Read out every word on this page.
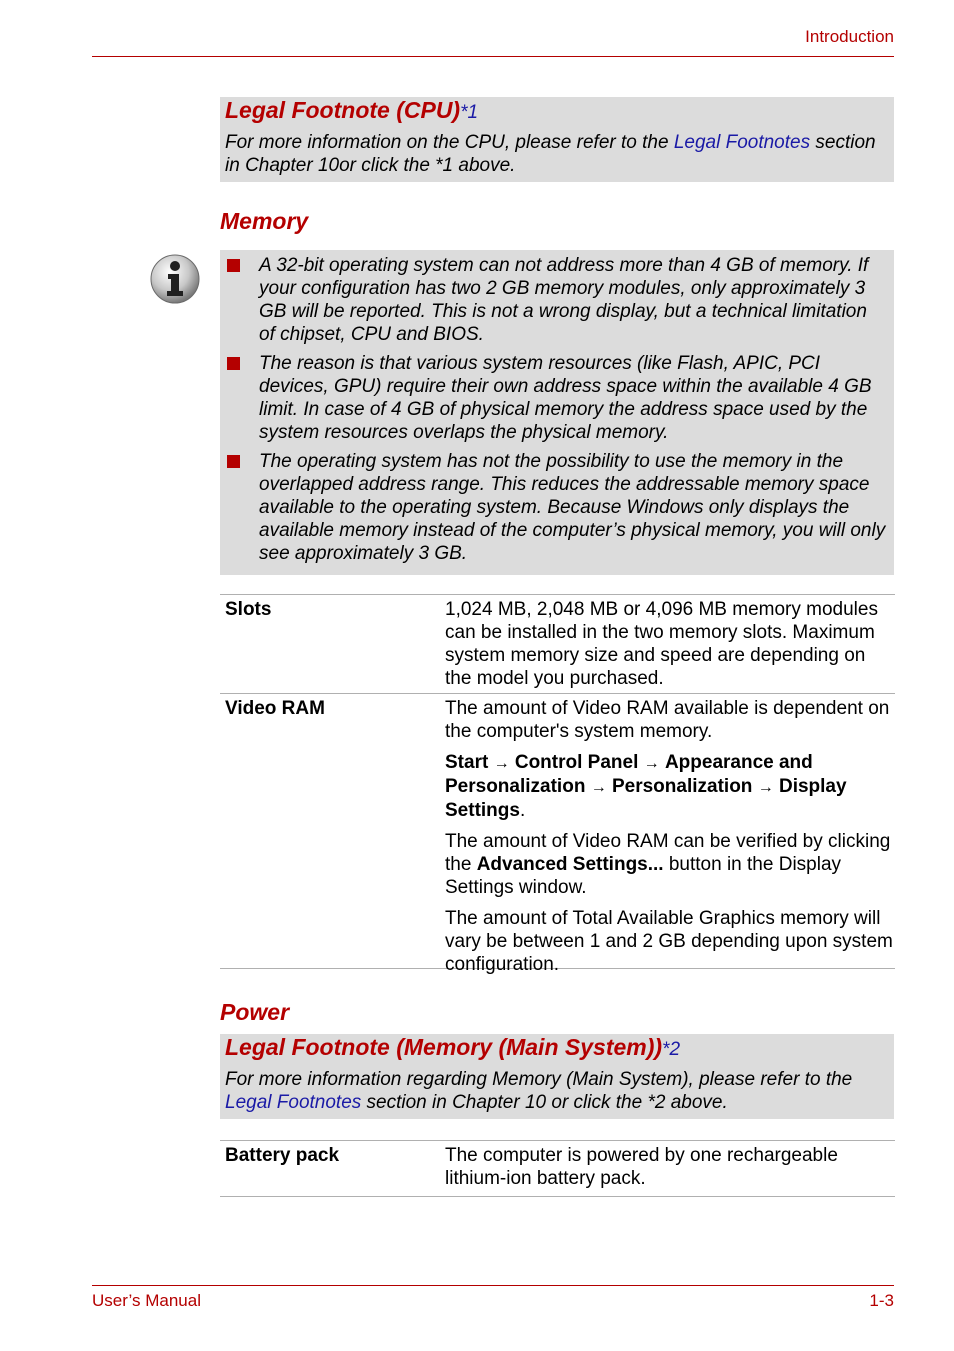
Introduction
Legal Footnote (CPU)*1
For more information on the CPU, please refer to the Legal Footnotes section in Chapter 10or click the *1 above.
Memory
A 32-bit operating system can not address more than 4 GB of memory. If your configuration has two 2 GB memory modules, only approximately 3 GB will be reported. This is not a wrong display, but a technical limitation of chipset, CPU and BIOS.
The reason is that various system resources (like Flash, APIC, PCI devices, GPU) require their own address space within the available 4 GB limit. In case of 4 GB of physical memory the address space used by the system resources overlaps the physical memory.
The operating system has not the possibility to use the memory in the overlapped address range. This reduces the addressable memory space available to the operating system. Because Windows only displays the available memory instead of the computer’s physical memory, you will only see approximately 3 GB.
Slots	1,024 MB, 2,048 MB or 4,096 MB memory modules can be installed in the two memory slots. Maximum system memory size and speed are depending on the model you purchased.
Video RAM	The amount of Video RAM available is dependent on the computer's system memory.

Start → Control Panel → Appearance and Personalization → Personalization → Display Settings.

The amount of Video RAM can be verified by clicking the Advanced Settings... button in the Display Settings window.

The amount of Total Available Graphics memory will vary be between 1 and 2 GB depending upon system configuration.

Power
Legal Footnote (Memory (Main System))*2
For more information regarding Memory (Main System), please refer to the Legal Footnotes section in Chapter 10 or click the *2 above.
Battery pack	The computer is powered by one rechargeable lithium-ion battery pack.
User’s Manual	1-3
